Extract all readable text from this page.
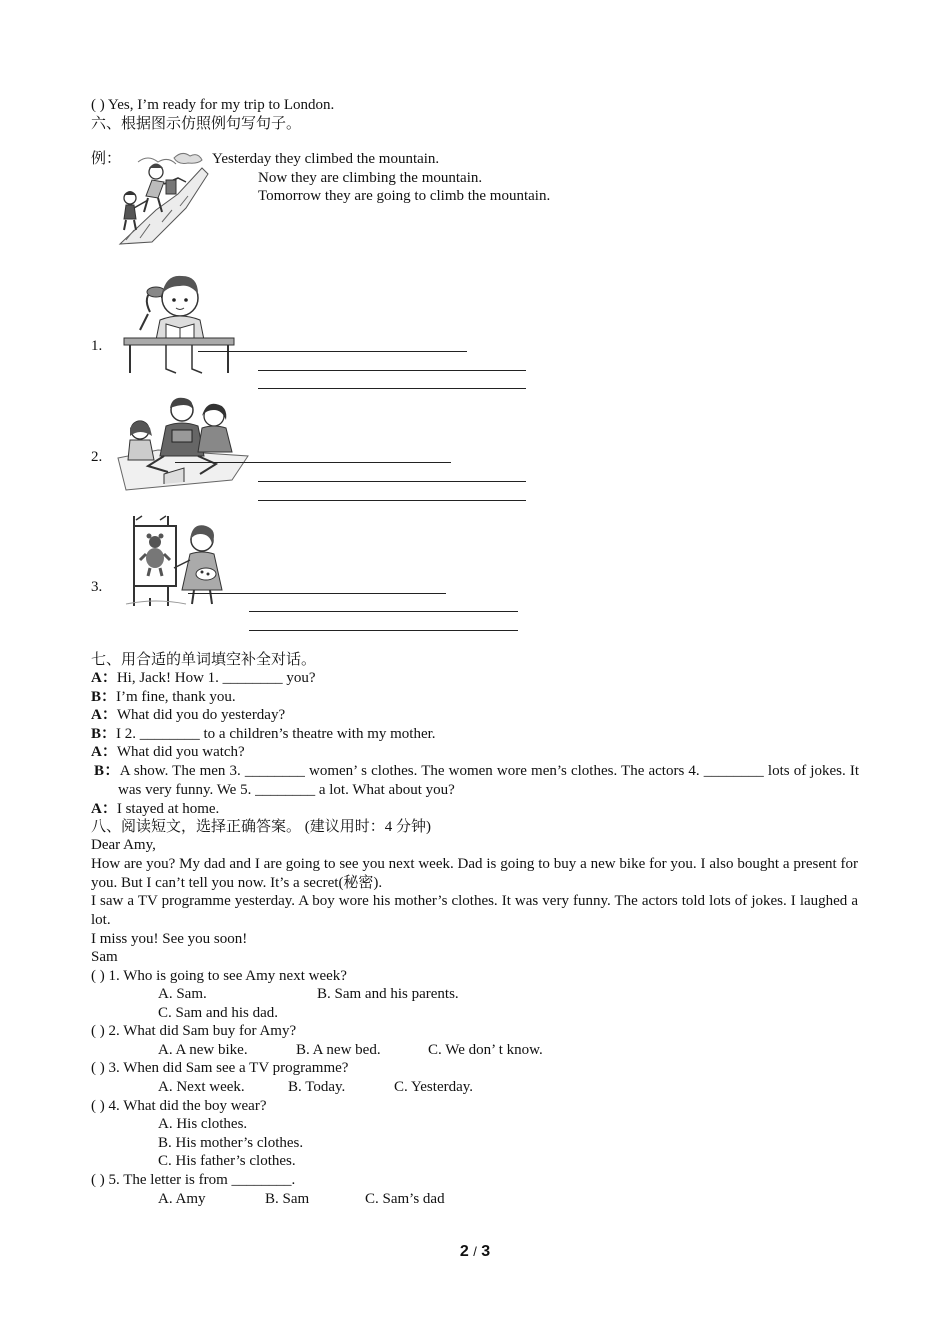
( ) Yes, I’m ready for my trip to London.
六、根据图示仿照例句写句子。
例：	Yesterday they climbed the mountain.
Now they are climbing the mountain.
Tomorrow they are going to climb the mountain.
1.
2.
3.
七、用合适的单词填空补全对话。
A：Hi, Jack! How 1. ________ you?
B：I’m fine, thank you.
A：What did you do yesterday?
B：I 2. ________ to a children’s theatre with my mother.
A：What did you watch?
B：A show. The men 3. ________ women’ s clothes. The women wore men’s clothes. The actors 4. ________ lots of jokes. It was very funny. We 5. ________ a lot. What about you?
A：I stayed at home.
八、阅读短文，选择正确答案。 (建议用时：4 分钟)
Dear Amy,
How are you? My dad and I are going to see you next week. Dad is going to buy a new bike for you. I also bought a present for you. But I can’t tell you now. It’s a secret(秘密).
I saw a TV programme yesterday. A boy wore his mother’s clothes. It was very funny. The actors told lots of jokes. I laughed a lot.
I miss you! See you soon!
Sam
( ) 1. Who is going to see Amy next week?
A. Sam.	B. Sam and his parents.
C. Sam and his dad.
( ) 2. What did Sam buy for Amy?
A. A new bike.	B. A new bed.	C. We don’ t know.
( ) 3. When did Sam see a TV programme?
A. Next week.	B. Today.	C. Yesterday.
( ) 4. What did the boy wear?
A. His clothes.
B. His mother’s clothes.
C. His father’s clothes.
( ) 5. The letter is from ________.
A. Amy	B. Sam	C. Sam’s dad
2 / 3
